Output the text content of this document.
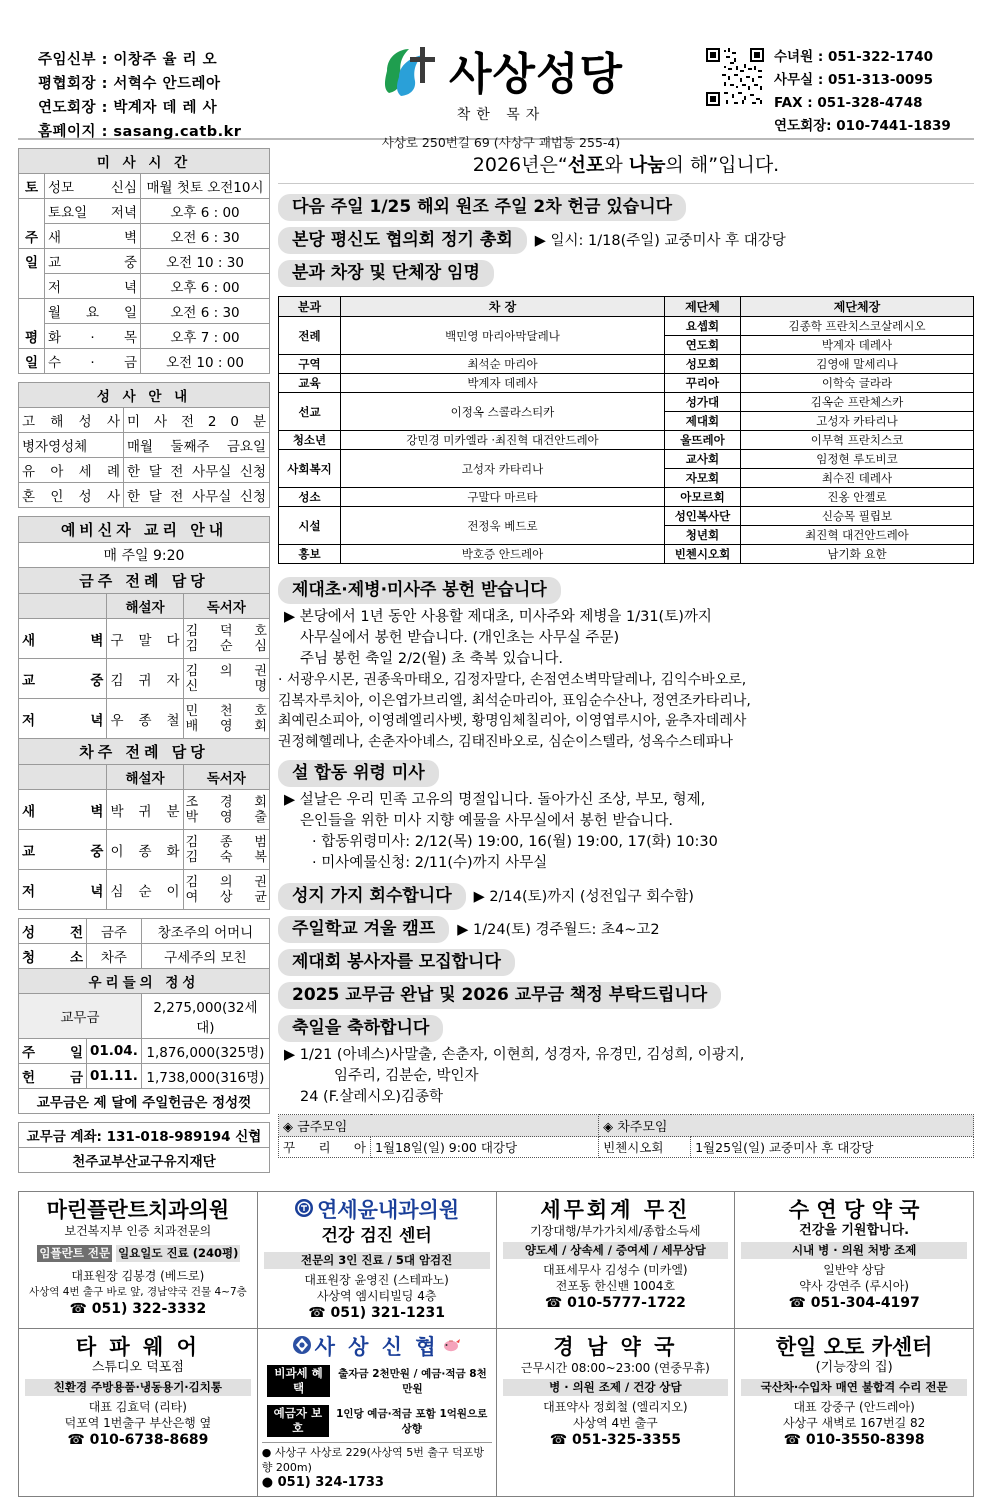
주임신부 : 이창주 율 리 오
평협회장 : 서혁수 안드레아
연도회장 : 박계자 데 레 사
홈페이지 : sasang.catb.kr
사상성당
착한 목자
사상로 250번길 69 (사상구 괘법동 255-4)
수녀원 : 051-322-1740
사무실 : 051-313-0095
FAX : 051-328-4748
연도회장: 010-7441-1839
미 사 시 간		
토	성모 신심	매월 첫토 오전10시
주	토요일 저녁	오후 6 : 00
	새 벽	오전 6 : 30
일	교 중	오전 10 : 30
	저 녁	오후 6 : 00
평	월 요 일	오전 6 : 30
	화 · 목	오후 7 : 00
일	수 · 금	오전 10 : 00
성 사 안 내	
고 해 성 사	미 사 전 2 0 분
병자영성체	매월 둘째주 금요일
유 아 세 례	한 달 전 사무실 신청
혼 인 성 사	한 달 전 사무실 신청
예비신자 교리 안내		
매 주일 9:20		
금주 전례 담당		
	해설자	독서자
새 벽	구 말 다	김 덕 호
김 순 심

교 중	김 귀 자	김 의 권
신 명

저 녁	우 종 철	민 천 호
배 영 회

차주 전례 담당		
	해설자	독서자
새 벽	박 귀 분	조 경 회
박 영 출

교 중	이 종 화	김 종 범
김 숙 복

저 녁	심 순 이	김 의 권
여 상 균
성 전	금주	창조주의 어머니
청 소	차주	구세주의 모친
우리들의 정성		
교무금		2,275,000(32세대)
주 일	01.04.	1,876,000(325명)
헌 금	01.11.	1,738,000(316명)
교무금은 제 달에 주일헌금은 정성껏		
교무금 계좌: 131-018-989194 신협
천주교부산교구유지재단
2026년은“선포와 나눔의 해”입니다.
다음 주일 1/25 해외 원조 주일 2차 헌금 있습니다
본당 평신도 협의회 정기 총회 ▶ 일시: 1/18(주일) 교중미사 후 대강당
분과 차장 및 단체장 임명
분과	차 장	제단체	제단체장
전례	백민영 마리아막달레나	요셉회	김종학 프란치스코살레시오
		연도회	박계자 데레사
구역	최석순 마리아	성모회	김영애 말세리나
교육	박계자 데레사	꾸리아	이학숙 글라라
선교	이정옥 스콜라스티카	성가대	김옥순 프란체스카
		제대회	고성자 카타리나
청소년	강민경 미카엘라 ·최진혁 대건안드레아	울뜨레아	이무혁 프란치스코
사회복지	고성자 카타리나	교사회	임정현 루도비코
		자모회	최수진 데레사
성소	구말다 마르타	아모르회	진옹 안젤로
시설	전정욱 베드로	성인복사단	신승목 필립보
		청년회	최진혁 대건안드레아
홍보	박호증 안드레아	빈첸시오회	남기화 요한
제대초·제병·미사주 봉헌 받습니다
▶ 본당에서 1년 동안 사용할 제대초, 미사주와 제병을 1/31(토)까지
사무실에서 봉헌 받습니다. (개인초는 사무실 주문)
주님 봉헌 축일 2/2(월) 초 축복 있습니다.
· 서광우시몬, 권종욱마태오, 김정자말다, 손점연소벽막달레나, 김익수바오로,
김복자루치아, 이은엽가브리엘, 최석순마리아, 표임순수산나, 정연조카타리나,
최예린소피아, 이영례엘리사벳, 황명임체칠리아, 이영엽루시아, 윤추자데레사
권정혜헬레나, 손춘자아녜스, 김태진바오로, 심순이스텔라, 성옥수스테파나
설 합동 위령 미사
▶ 설날은 우리 민족 고유의 명절입니다. 돌아가신 조상, 부모, 형제,
은인들을 위한 미사 지향 예물을 사무실에서 봉헌 받습니다.
· 합동위령미사: 2/12(목) 19:00, 16(월) 19:00, 17(화) 10:30
· 미사예물신청: 2/11(수)까지 사무실
성지 가지 회수합니다 ▶ 2/14(토)까지 (성전입구 회수함)
주일학교 겨울 캠프 ▶ 1/24(토) 경주월드: 초4~고2
제대회 봉사자를 모집합니다
2025 교무금 완납 및 2026 교무금 책정 부탁드립니다
축일을 축하합니다
▶ 1/21 (아녜스)사말출, 손춘자, 이현희, 성경자, 유경민, 김성희, 이광지,
임주리, 김분순, 박인자
24 (F.살레시오)김종학
◈ 금주모임		◈ 차주모임	
꾸 리 아	1월18일(일) 9:00 대강당	빈첸시오회	1월25일(일) 교중미사 후 대강당
마린플란트치과의원
보건복지부 인증 치과전문의
임플란트 전문 일요일도 진료 (240평)
대표원장 김봉경 (베드로)
사상역 4번 출구 바로 앞, 경남약국 건물 4~7층
☎ 051) 322-3332

연세윤내과의원
건강 검진 센터
전문의 3인 진료 / 5대 암검진
대표원장 윤영진 (스테파노)
사상역 엠시티빌딩 4층
☎ 051) 321-1231

세무회계 무진
기장대행/부가가치세/종합소득세
양도세 / 상속세 / 증여세 / 세무상담
대표세무사 김성수 (미카엘)
전포동 한신밴 1004호
☎ 010-5777-1722

수 연 당 약 국
건강을 기원합니다.
시내 병 · 의원 처방 조제
일반약 상담
약사 강연주 (루시아)
☎ 051-304-4197

타 파 웨 어
스튜디오 덕포점
친환경 주방용품·냉동용기·김치통
대표 김효덕 (리타)
덕포역 1번출구 부산은행 옆
☎ 010-6738-8689

사 상 신 협
비과세 혜택
출자금 2천만원 / 예금·적금 8천만원
예금자 보호
1인당 예금·적금 포함 1억원으로 상향
● 사상구 사상로 229(사상역 5번 출구 덕포방향 200m)
● 051) 324-1733

경 남 약 국
근무시간 08:00~23:00 (연중무휴)
병 · 의원 조제 / 건강 상담
대표약사 정회철 (엘리지오)
사상역 4번 출구
☎ 051-325-3355

한일 오토 카센터
(기능장의 집)
국산차·수입차 매연 불합격 수리 전문
대표 강중구 (안드레아)
사상구 새벽로 167번길 82
☎ 010-3550-8398
